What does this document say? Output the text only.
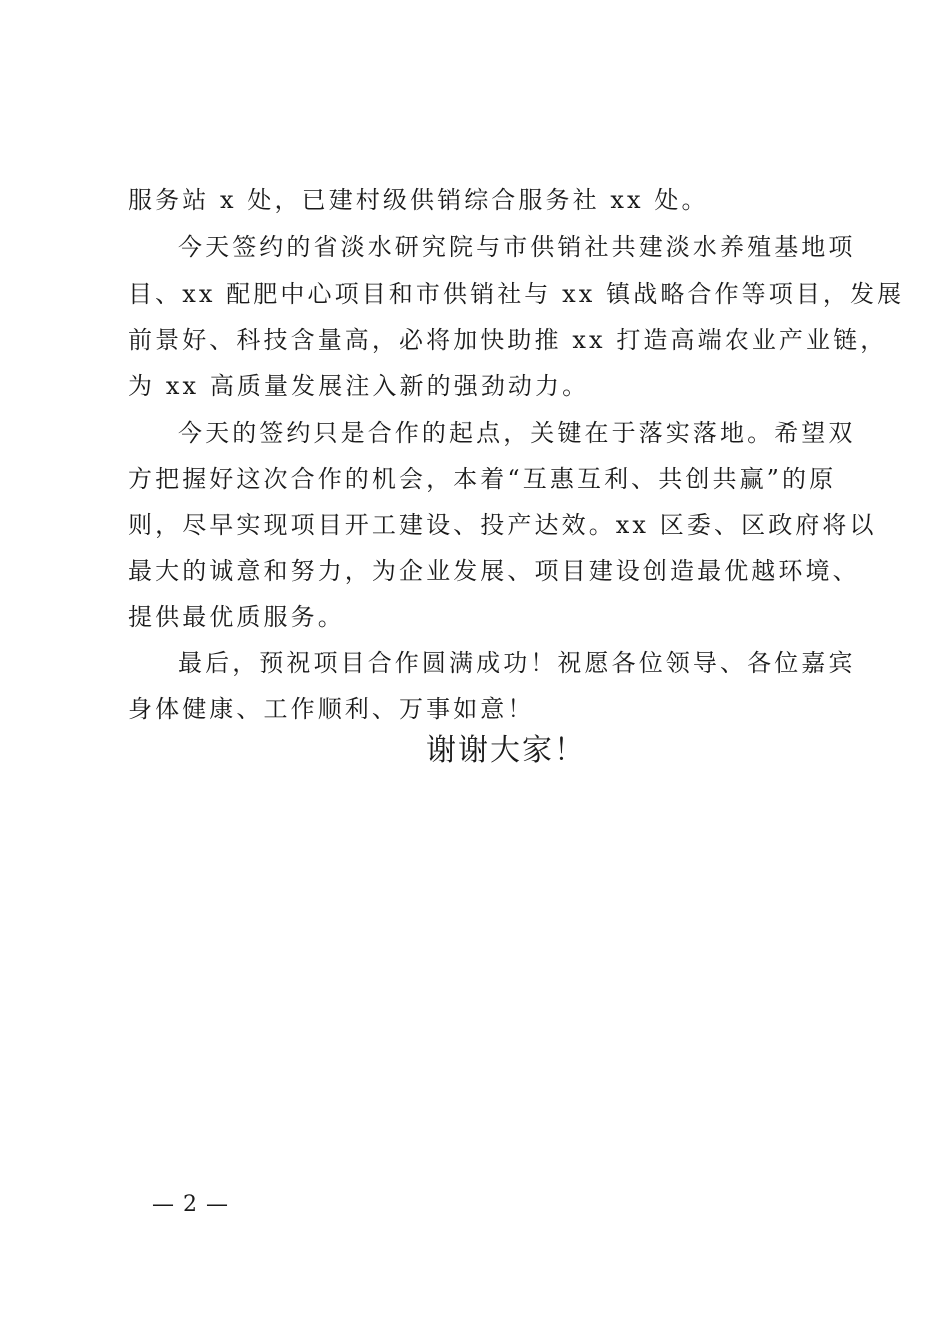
服务站 x 处，已建村级供销综合服务社 xx 处。
今天签约的省淡水研究院与市供销社共建淡水养殖基地项
目、xx 配肥中心项目和市供销社与 xx 镇战略合作等项目，发展
前景好、科技含量高，必将加快助推 xx 打造高端农业产业链，
为 xx 高质量发展注入新的强劲动力。
今天的签约只是合作的起点，关键在于落实落地。希望双
方把握好这次合作的机会，本着“互惠互利、共创共赢”的原
则，尽早实现项目开工建设、投产达效。xx 区委、区政府将以
最大的诚意和努力，为企业发展、项目建设创造最优越环境、
提供最优质服务。
最后，预祝项目合作圆满成功！祝愿各位领导、各位嘉宾
身体健康、工作顺利、万事如意！
谢谢大家！
— 2 —
